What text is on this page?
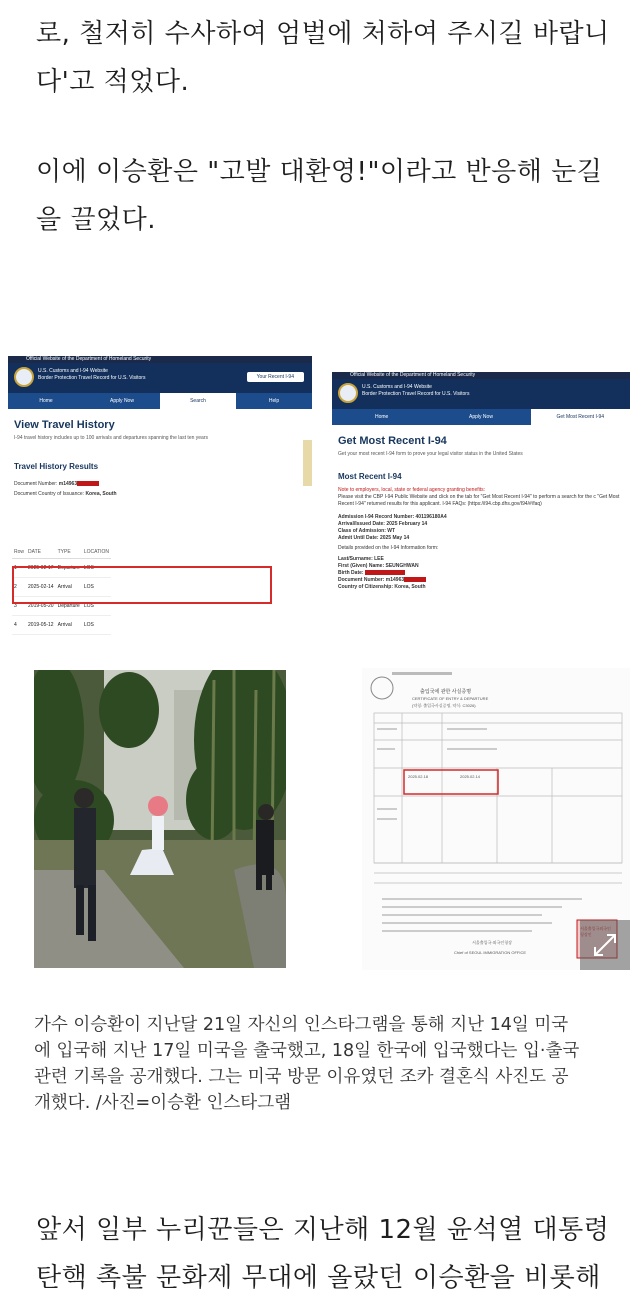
로, 철저히 수사하여 엄벌에 처하여 주시길 바랍니
다'고 적었다.

이에 이승환은 "고발 대환영!"이라고 반응해 눈길
을 끌었다.

Official Website of the Department of Homeland Security
U.S. Customs and I-94 Website
Border Protection Travel Record for U.S. Visitors	Your Recent I-94
Home	Apply Now	Search	Help
View Travel History
I-94 travel history includes up to 100 arrivals and departures spanning the last ten years
Travel History Results
Document Number: m14963
Document Country of Issuance: Korea, South
Row	DATE	TYPE	LOCATION
1	2025-02-17	Departure	LOS
2	2025-02-14	Arrival	LOS
3	2019-05-20	Departure	LOS
4	2019-05-12	Arrival	LOS
Official Website of the Department of Homeland Security
U.S. Customs and I-94 Website
Border Protection Travel Record for U.S. Visitors
Home	Apply Now	Get Most Recent I-94
Get Most Recent I-94
Get your most recent I-94 form to prove your legal visitor status in the United States
Most Recent I-94
Note to employers, local, state or federal agency granting benefits:
Please visit the CBP I-94 Public Website and click on the tab for "Get Most Recent I-94" to perform a search for the c "Get Most Recent I-94" returned results for this applicant. I-94 FAQs: (https://i94.cbp.dhs.gov/I94/#/faq)
Admission I-94 Record Number: 401196180A4
Arrival/Issued Date: 2025 February 14
Class of Admission: WT
Admit Until Date: 2025 May 14
Details provided on the I-94 Information form:
Last/Surname: LEE
First (Given) Name: SEUNGHWAN
Birth Date:
Document Number: m14963
Country of Citizenship: Korea, South
출입국에 관한 사실증명
CERTIFICATE OF ENTRY & DEPARTURE
(약칭: 출입국사실증명, 약식: C3026)
2025.02.18	2025.02.14
서울출입국·외국인청장
Chief of SEOUL IMMIGRATION OFFICE

가수 이승환이 지난달 21일 자신의 인스타그램을 통해 지난 14일 미국
에 입국해 지난 17일 미국을 출국했고, 18일 한국에 입국했다는 입·출국
관련 기록을 공개했다. 그는 미국 방문 이유였던 조카 결혼식 사진도 공
개했다. /사진=이승환 인스타그램

앞서 일부 누리꾼들은 지난해 12월 윤석열 대통령
탄핵 촉불 문화제 무대에 올랐던 이승환을 비롯해
